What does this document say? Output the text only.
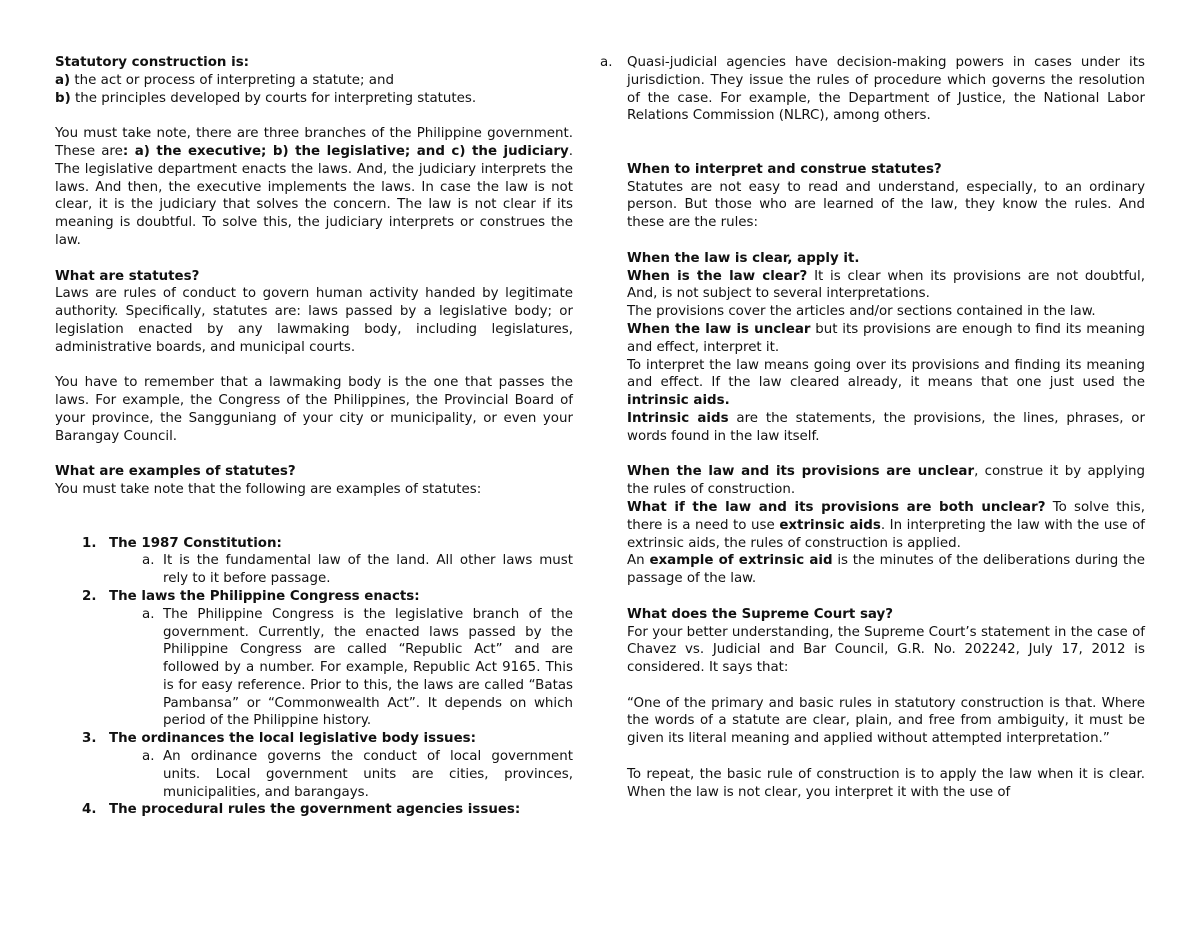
Statutory construction is:

a) the act or process of interpreting a statute; and

b) the principles developed by courts for interpreting statutes.

You must take note, there are three branches of the Philippine government. These are: a) the executive; b) the legislative; and c) the judiciary. The legislative department enacts the laws. And, the judiciary interprets the laws. And then, the executive implements the laws. In case the law is not clear, it is the judiciary that solves the concern. The law is not clear if its meaning is doubtful. To solve this, the judiciary interprets or construes the law.

What are statutes?

Laws are rules of conduct to govern human activity handed by legitimate authority. Specifically, statutes are: laws passed by a legislative body; or legislation enacted by any lawmaking body, including legislatures, administrative boards, and municipal courts.

You have to remember that a lawmaking body is the one that passes the laws. For example, the Congress of the Philippines, the Provincial Board of your province, the Sangguniang of your city or municipality, or even your Barangay Council.

What are examples of statutes?

You must take note that the following are examples of statutes:

1. The 1987 Constitution:
a. It is the fundamental law of the land. All other laws must rely to it before passage.
2. The laws the Philippine Congress enacts:
a. The Philippine Congress is the legislative branch of the government. Currently, the enacted laws passed by the Philippine Congress are called “Republic Act” and are followed by a number. For example, Republic Act 9165. This is for easy reference. Prior to this, the laws are called “Batas Pambansa” or “Commonwealth Act”. It depends on which period of the Philippine history.
3. The ordinances the local legislative body issues:
a. An ordinance governs the conduct of local government units. Local government units are cities, provinces, municipalities, and barangays.
4. The procedural rules the government agencies issues:

a. Quasi-judicial agencies have decision-making powers in cases under its jurisdiction. They issue the rules of procedure which governs the resolution of the case. For example, the Department of Justice, the National Labor Relations Commission (NLRC), among others.

When to interpret and construe statutes?

Statutes are not easy to read and understand, especially, to an ordinary person. But those who are learned of the law, they know the rules. And these are the rules:

When the law is clear, apply it.

When is the law clear? It is clear when its provisions are not doubtful, And, is not subject to several interpretations.

The provisions cover the articles and/or sections contained in the law.

When the law is unclear but its provisions are enough to find its meaning and effect, interpret it.

To interpret the law means going over its provisions and finding its meaning and effect. If the law cleared already, it means that one just used the intrinsic aids.

Intrinsic aids are the statements, the provisions, the lines, phrases, or words found in the law itself.

When the law and its provisions are unclear, construe it by applying the rules of construction.

What if the law and its provisions are both unclear? To solve this, there is a need to use extrinsic aids. In interpreting the law with the use of extrinsic aids, the rules of construction is applied.

An example of extrinsic aid is the minutes of the deliberations during the passage of the law.

What does the Supreme Court say?

For your better understanding, the Supreme Court’s statement in the case of Chavez vs. Judicial and Bar Council, G.R. No. 202242, July 17, 2012 is considered. It says that:

“One of the primary and basic rules in statutory construction is that. Where the words of a statute are clear, plain, and free from ambiguity, it must be given its literal meaning and applied without attempted interpretation.”

To repeat, the basic rule of construction is to apply the law when it is clear. When the law is not clear, you interpret it with the use of
